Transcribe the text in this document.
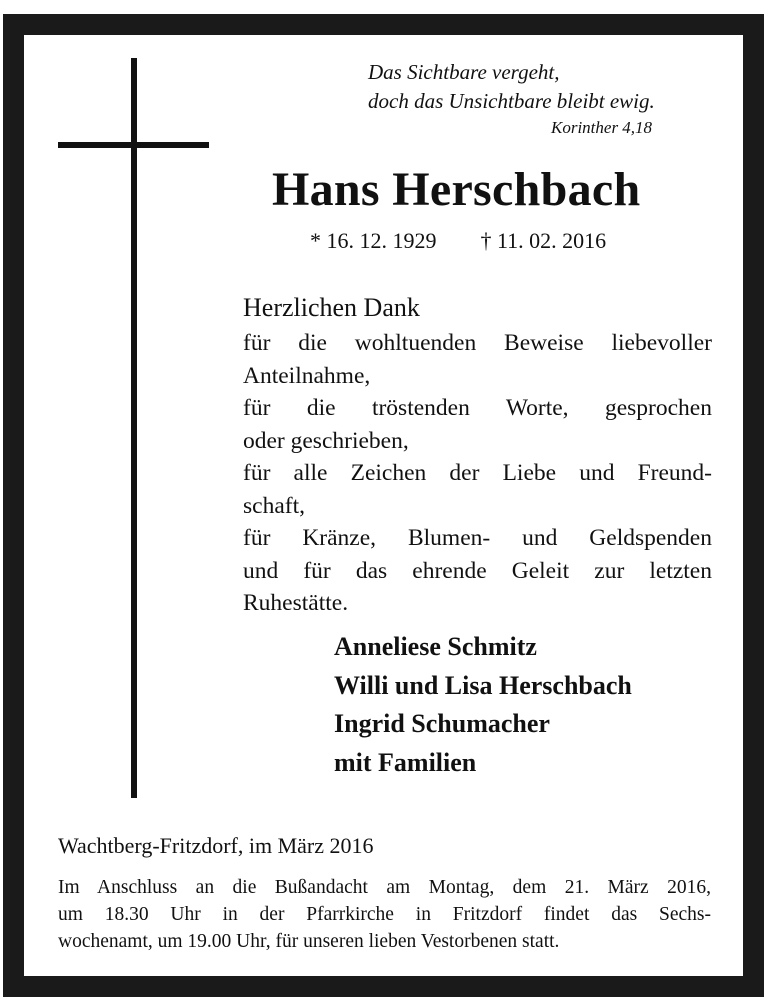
Das Sichtbare vergeht,
doch das Unsichtbare bleibt ewig.
Korinther 4,18
Hans Herschbach
* 16. 12. 1929        † 11. 02. 2016
Herzlichen Dank
für die wohltuenden Beweise liebevoller
Anteilnahme,
für die tröstenden Worte, gesprochen
oder geschrieben,
für alle Zeichen der Liebe und Freund-
schaft,
für Kränze, Blumen- und Geldspenden
und für das ehrende Geleit zur letzten
Ruhestätte.
Anneliese Schmitz
Willi und Lisa Herschbach
Ingrid Schumacher
mit Familien
Wachtberg-Fritzdorf, im März 2016
Im Anschluss an die Bußandacht am Montag, dem 21. März 2016,
um 18.30 Uhr in der Pfarrkirche in Fritzdorf findet das Sechs-
wochenamt, um 19.00 Uhr, für unseren lieben Vestorbenen statt.
